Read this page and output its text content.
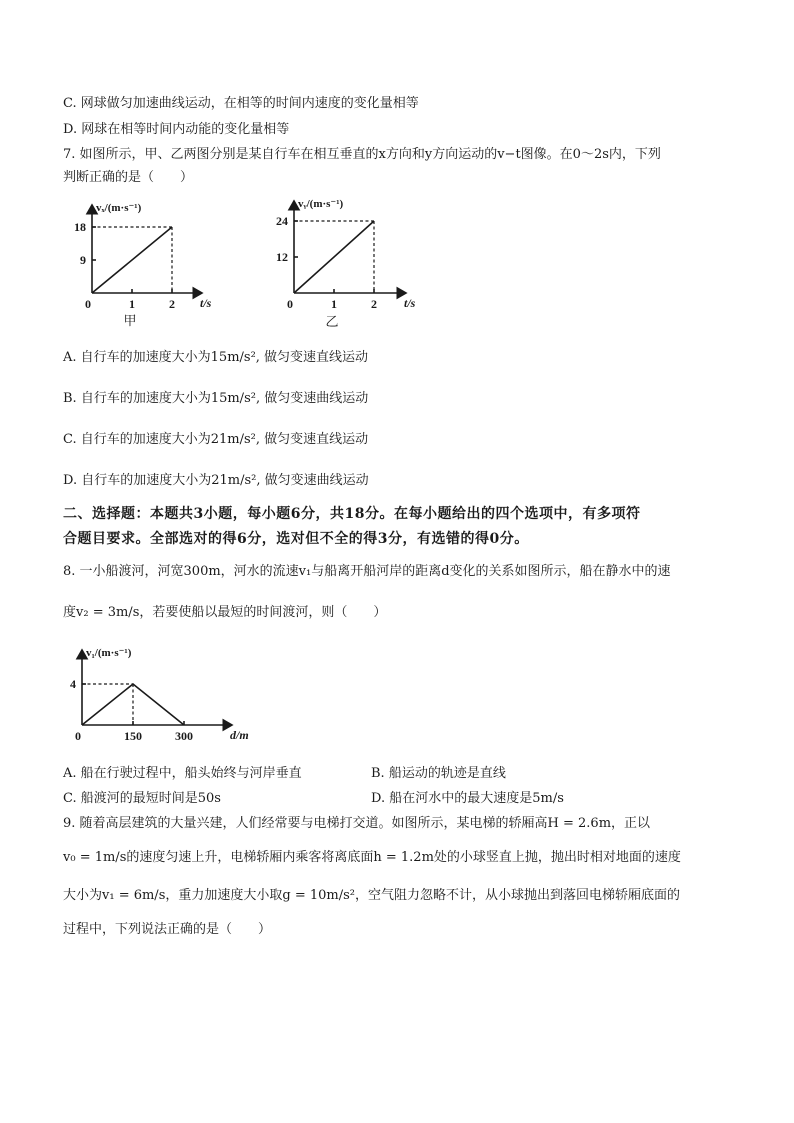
C. 网球做匀加速曲线运动，在相等的时间内速度的变化量相等
D. 网球在相等时间内动能的变化量相等
7. 如图所示，甲、乙两图分别是某自行车在相互垂直的x方向和y方向运动的v−t图像。在0～2s内，下列
判断正确的是（　　）
vₓ/(m·s⁻¹)
t/s
0	1	2
9
18
甲
vᵧ/(m·s⁻¹)
t/s
0	1	2
12
24
乙
A. 自行车的加速度大小为15m/s², 做匀变速直线运动
B. 自行车的加速度大小为15m/s², 做匀变速曲线运动
C. 自行车的加速度大小为21m/s², 做匀变速直线运动
D. 自行车的加速度大小为21m/s², 做匀变速曲线运动
二、选择题：本题共3小题，每小题6分，共18分。在每小题给出的四个选项中，有多项符
合题目要求。全部选对的得6分，选对但不全的得3分，有选错的得0分。
8. 一小船渡河，河宽300m，河水的流速v₁与船离开船河岸的距离d变化的关系如图所示，船在静水中的速
度v₂ = 3m/s，若要使船以最短的时间渡河，则（　　）
v₁/(m·s⁻¹)
d/m
0	150	300
4
A. 船在行驶过程中，船头始终与河岸垂直	B. 船运动的轨迹是直线
C. 船渡河的最短时间是50s	D. 船在河水中的最大速度是5m/s
9. 随着高层建筑的大量兴建，人们经常要与电梯打交道。如图所示，某电梯的轿厢高H = 2.6m，正以
v₀ = 1m/s的速度匀速上升，电梯轿厢内乘客将离底面h = 1.2m处的小球竖直上抛，抛出时相对地面的速度
大小为v₁ = 6m/s，重力加速度大小取g = 10m/s²，空气阻力忽略不计，从小球抛出到落回电梯轿厢底面的
过程中，下列说法正确的是（　　）
